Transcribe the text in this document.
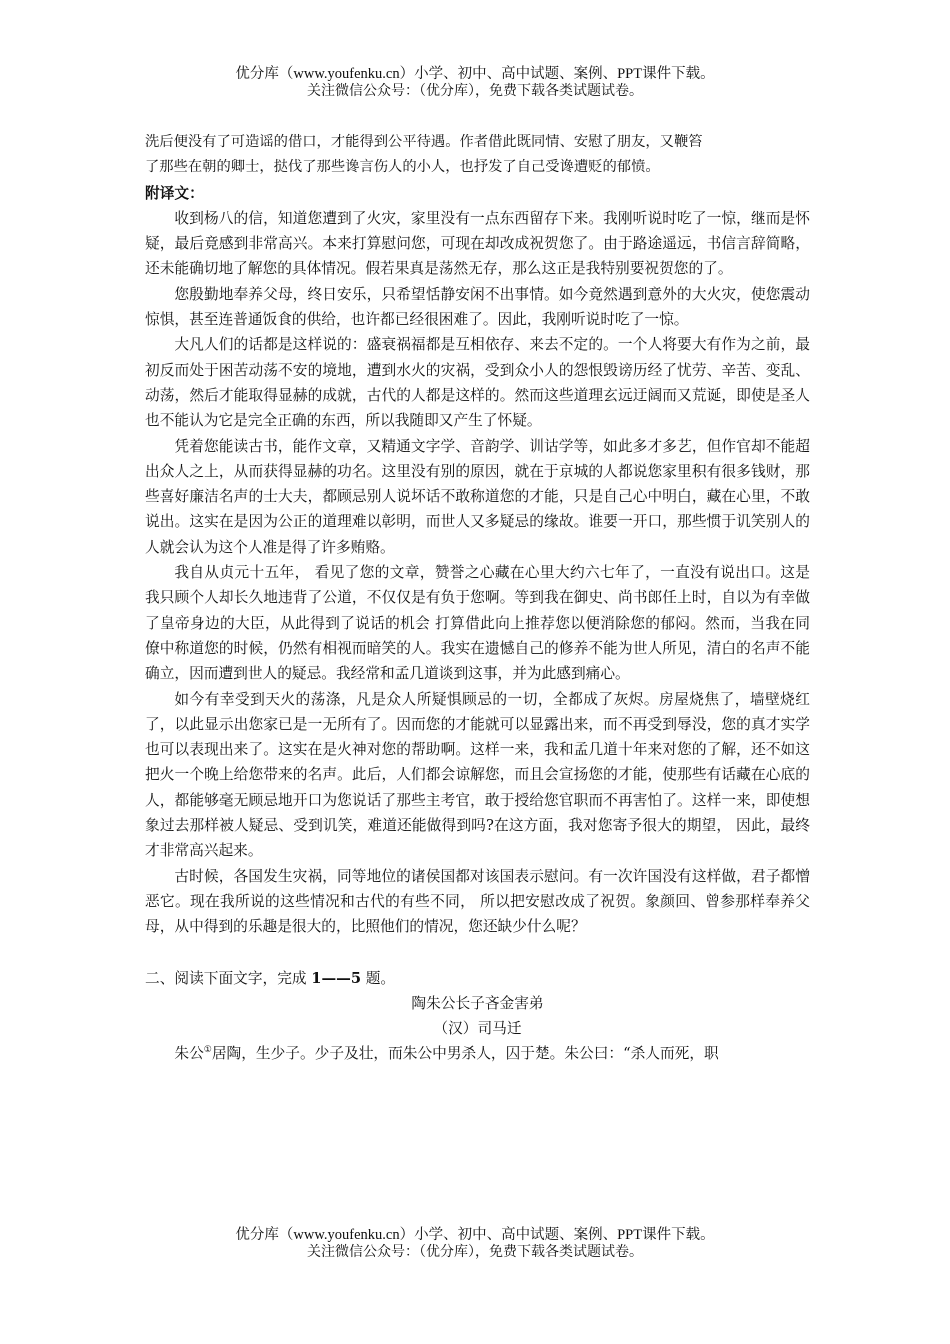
优分库（www.youfenku.cn）小学、初中、高中试题、案例、PPT课件下载。
关注微信公众号：（优分库），免费下载各类试题试卷。

洗后便没有了可造谣的借口，才能得到公平待遇。作者借此既同情、安慰了朋友，又鞭笞

了那些在朝的卿士，挞伐了那些谗言伤人的小人，也抒发了自己受谗遭贬的郁愤。

附译文：

收到杨八的信，知道您遭到了火灾，家里没有一点东西留存下来。我刚听说时吃了一惊，继而是怀疑，最后竟感到非常高兴。本来打算慰问您，可现在却改成祝贺您了。由于路途遥远，书信言辞简略，还未能确切地了解您的具体情况。假若果真是荡然无存，那么这正是我特别要祝贺您的了。

您殷勤地奉养父母，终日安乐，只希望恬静安闲不出事情。如今竟然遇到意外的大火灾，使您震动惊惧，甚至连普通饭食的供给，也许都已经很困难了。因此，我刚听说时吃了一惊。

大凡人们的话都是这样说的：盛衰祸福都是互相依存、来去不定的。一个人将要大有作为之前，最初反而处于困苦动荡不安的境地，遭到水火的灾祸，受到众小人的怨恨毁谤历经了忧劳、辛苦、变乱、动荡，然后才能取得显赫的成就，古代的人都是这样的。然而这些道理玄远迂阔而又荒诞，即使是圣人也不能认为它是完全正确的东西，所以我随即又产生了怀疑。

凭着您能读古书，能作文章，又精通文字学、音韵学、训诂学等，如此多才多艺，但作官却不能超出众人之上，从而获得显赫的功名。这里没有别的原因，就在于京城的人都说您家里积有很多钱财，那些喜好廉洁名声的士大夫，都顾忌别人说坏话不敢称道您的才能，只是自己心中明白，藏在心里，不敢说出。这实在是因为公正的道理难以彰明，而世人又多疑忌的缘故。谁要一开口，那些惯于讥笑别人的人就会认为这个人准是得了许多贿赂。

我自从贞元十五年， 看见了您的文章，赞誉之心藏在心里大约六七年了，一直没有说出口。这是我只顾个人却长久地违背了公道，不仅仅是有负于您啊。等到我在御史、尚书郎任上时，自以为有幸做了皇帝身边的大臣，从此得到了说话的机会 打算借此向上推荐您以便消除您的郁闷。然而，当我在同僚中称道您的时候，仍然有相视而暗笑的人。我实在遗憾自己的修养不能为世人所见，清白的名声不能确立，因而遭到世人的疑忌。我经常和孟几道谈到这事，并为此感到痛心。

如今有幸受到天火的荡涤，凡是众人所疑惧顾忌的一切，全都成了灰烬。房屋烧焦了，墙壁烧红了，以此显示出您家已是一无所有了。因而您的才能就可以显露出来，而不再受到辱没，您的真才实学也可以表现出来了。这实在是火神对您的帮助啊。这样一来，我和孟几道十年来对您的了解，还不如这把火一个晚上给您带来的名声。此后，人们都会谅解您，而且会宣扬您的才能，使那些有话藏在心底的人，都能够毫无顾忌地开口为您说话了那些主考官，敢于授给您官职而不再害怕了。这样一来，即使想象过去那样被人疑忌、受到讥笑，难道还能做得到吗?在这方面，我对您寄予很大的期望， 因此，最终才非常高兴起来。

古时候，各国发生灾祸，同等地位的诸侯国都对该国表示慰问。有一次许国没有这样做，君子都憎恶它。现在我所说的这些情况和古代的有些不同， 所以把安慰改成了祝贺。象颜回、曾参那样奉养父母，从中得到的乐趣是很大的，比照他们的情况，您还缺少什么呢？

二、阅读下面文字，完成 1——5 题。

陶朱公长子吝金害弟

（汉）司马迁

朱公①居陶，生少子。少子及壮，而朱公中男杀人，囚于楚。朱公曰：“杀人而死，职

优分库（www.youfenku.cn）小学、初中、高中试题、案例、PPT课件下载。
关注微信公众号：（优分库），免费下载各类试题试卷。
